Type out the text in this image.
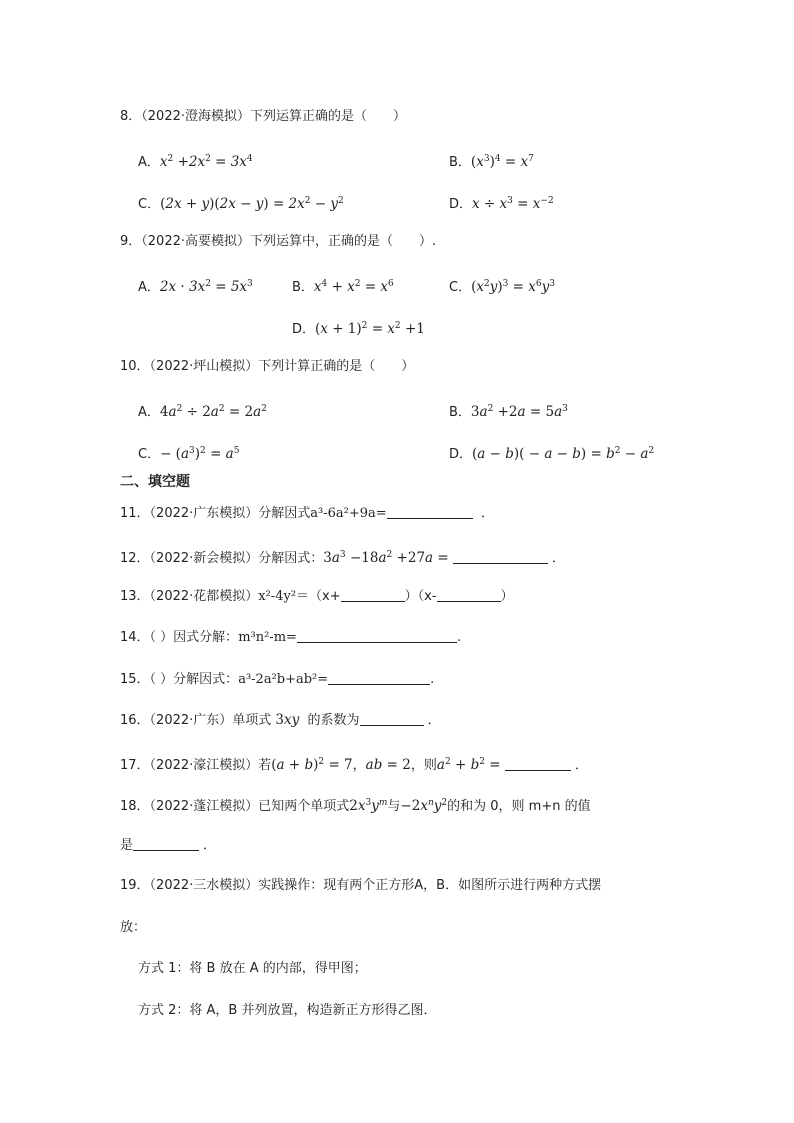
8．（2022·澄海模拟）下列运算正确的是（　　）
A．$x^2 +2x^2 = 3x^4$	B．$(x^3)^4 = x^7$
C．$(2x + y)(2x - y) = 2x^2 - y^2$	D．$x \div x^3 = x^{-2}$
9．（2022·高要模拟）下列运算中，正确的是（　　）.
A．$2x \cdot 3x^2 = 5x^3$	B．$x^4 + x^2 = x^6$	C．$(x^2y)^3 = x^6y^3$
D．$(x + 1)^2 = x^2 +1$
10．（2022·坪山模拟）下列计算正确的是（　　）
A．$4a^2 \div 2a^2 = 2a^2$	B．$3a^2 +2a = 5a^3$
C．− $(a^3)^2 = a^5$	D．$(a - b)( - a - b) = b^2 - a^2$
二、填空题
11．（2022·广东模拟）分解因式a³-6a²+9a=	．
12．（2022·新会模拟）分解因式：$3a^3 -18a^2 +27a$ =	．
13．（2022·花都模拟）x²-4y²＝（x+	）（x-	）
14．（ ）因式分解：m³n²-m=	.
15．（ ）分解因式：a³-2a²b+ab²=	.
16．（2022·广东）单项式 3xy 的系数为	．
17．（2022·濠江模拟）若$(a + b)^2 = 7$，ab = 2，则$a^2 + b^2$ =	．
18．（2022·蓬江模拟）已知两个单项式$2x^3y^m$与$-2x^ny^2$的和为 0，则 m+n 的值
是	．
19．（2022·三水模拟）实践操作：现有两个正方形A，B．如图所示进行两种方式摆
放：
方式 1：将 B 放在 A 的内部，得甲图；
方式 2：将 A，B 并列放置，构造新正方形得乙图．
